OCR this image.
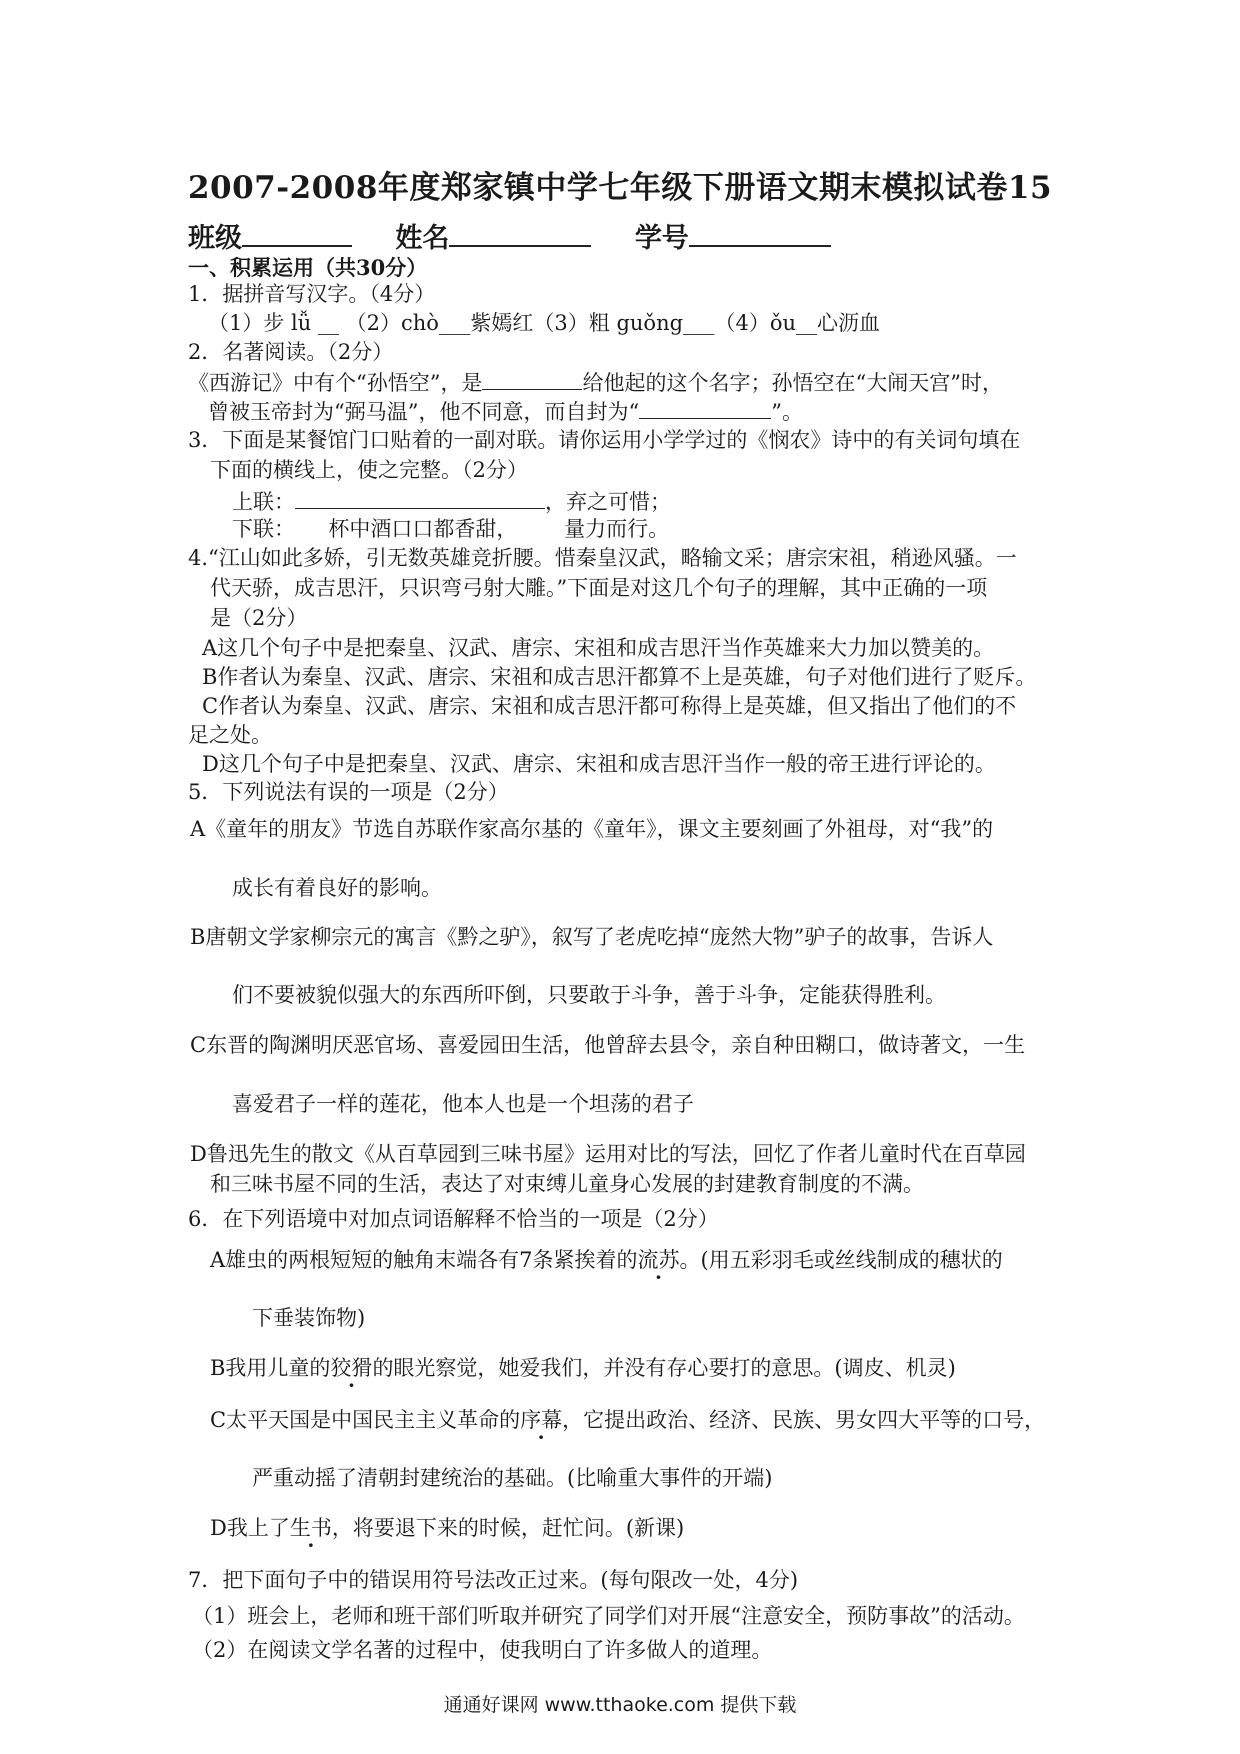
2007-2008年度郑家镇中学七年级下册语文期末模拟试卷15
班级	姓名	学号
一、积累运用（共30分）
1．据拼音写汉字。（4分）
（1）步 lǚ __ （2）chò___紫嫣红（3）粗 guǒng___（4）ǒu__心沥血
2．名著阅读。（2分）
《西游记》中有个“孙悟空”，是	给他起的这个名字；孙悟空在“大闹天宫”时，
曾被玉帝封为“弼马温”，他不同意，而自封为“	”。
3．下面是某餐馆门口贴着的一副对联。请你运用小学学过的《悯农》诗中的有关词句填在
下面的横线上，使之完整。（2分）
上联：	，弃之可惜；
下联：     杯中酒口口都香甜，       量力而行。
4.“江山如此多娇，引无数英雄竞折腰。惜秦皇汉武，略输文采；唐宗宋祖，稍逊风骚。一
代天骄，成吉思汗，只识弯弓射大雕。”下面是对这几个句子的理解，其中正确的一项
是（2分）
A这几个句子中是把秦皇、汉武、唐宗、宋祖和成吉思汗当作英雄来大力加以赞美的。
B作者认为秦皇、汉武、唐宗、宋祖和成吉思汗都算不上是英雄，句子对他们进行了贬斥。
C作者认为秦皇、汉武、唐宗、宋祖和成吉思汗都可称得上是英雄，但又指出了他们的不
足之处。
D这几个句子中是把秦皇、汉武、唐宗、宋祖和成吉思汗当作一般的帝王进行评论的。
5．下列说法有误的一项是（2分）
A《童年的朋友》节选自苏联作家高尔基的《童年》，课文主要刻画了外祖母，对“我”的
成长有着良好的影响。
B唐朝文学家柳宗元的寓言《黔之驴》，叙写了老虎吃掉“庞然大物”驴子的故事，告诉人
们不要被貌似强大的东西所吓倒，只要敢于斗争，善于斗争，定能获得胜利。
C东晋的陶渊明厌恶官场、喜爱园田生活，他曾辞去县令，亲自种田糊口，做诗著文，一生
喜爱君子一样的莲花，他本人也是一个坦荡的君子
D鲁迅先生的散文《从百草园到三味书屋》运用对比的写法，回忆了作者儿童时代在百草园
和三味书屋不同的生活，表达了对束缚儿童身心发展的封建教育制度的不满。
6．在下列语境中对加点词语解释不恰当的一项是（2分）
A雄虫的两根短短的触角末端各有7条紧挨着的流苏。(用五彩羽毛或丝线制成的穗状的
下垂装饰物)
B我用儿童的狡猾的眼光察觉，她爱我们，并没有存心要打的意思。(调皮、机灵)
C太平天国是中国民主主义革命的序幕，它提出政治、经济、民族、男女四大平等的口号，
严重动摇了清朝封建统治的基础。(比喻重大事件的开端)
D我上了生书，将要退下来的时候，赶忙问。(新课)
7．把下面句子中的错误用符号法改正过来。(每句限改一处，4分)
（1）班会上，老师和班干部们听取并研究了同学们对开展“注意安全，预防事故”的活动。
（2）在阅读文学名著的过程中，使我明白了许多做人的道理。
通通好课网 www.tthaoke.com 提供下载
